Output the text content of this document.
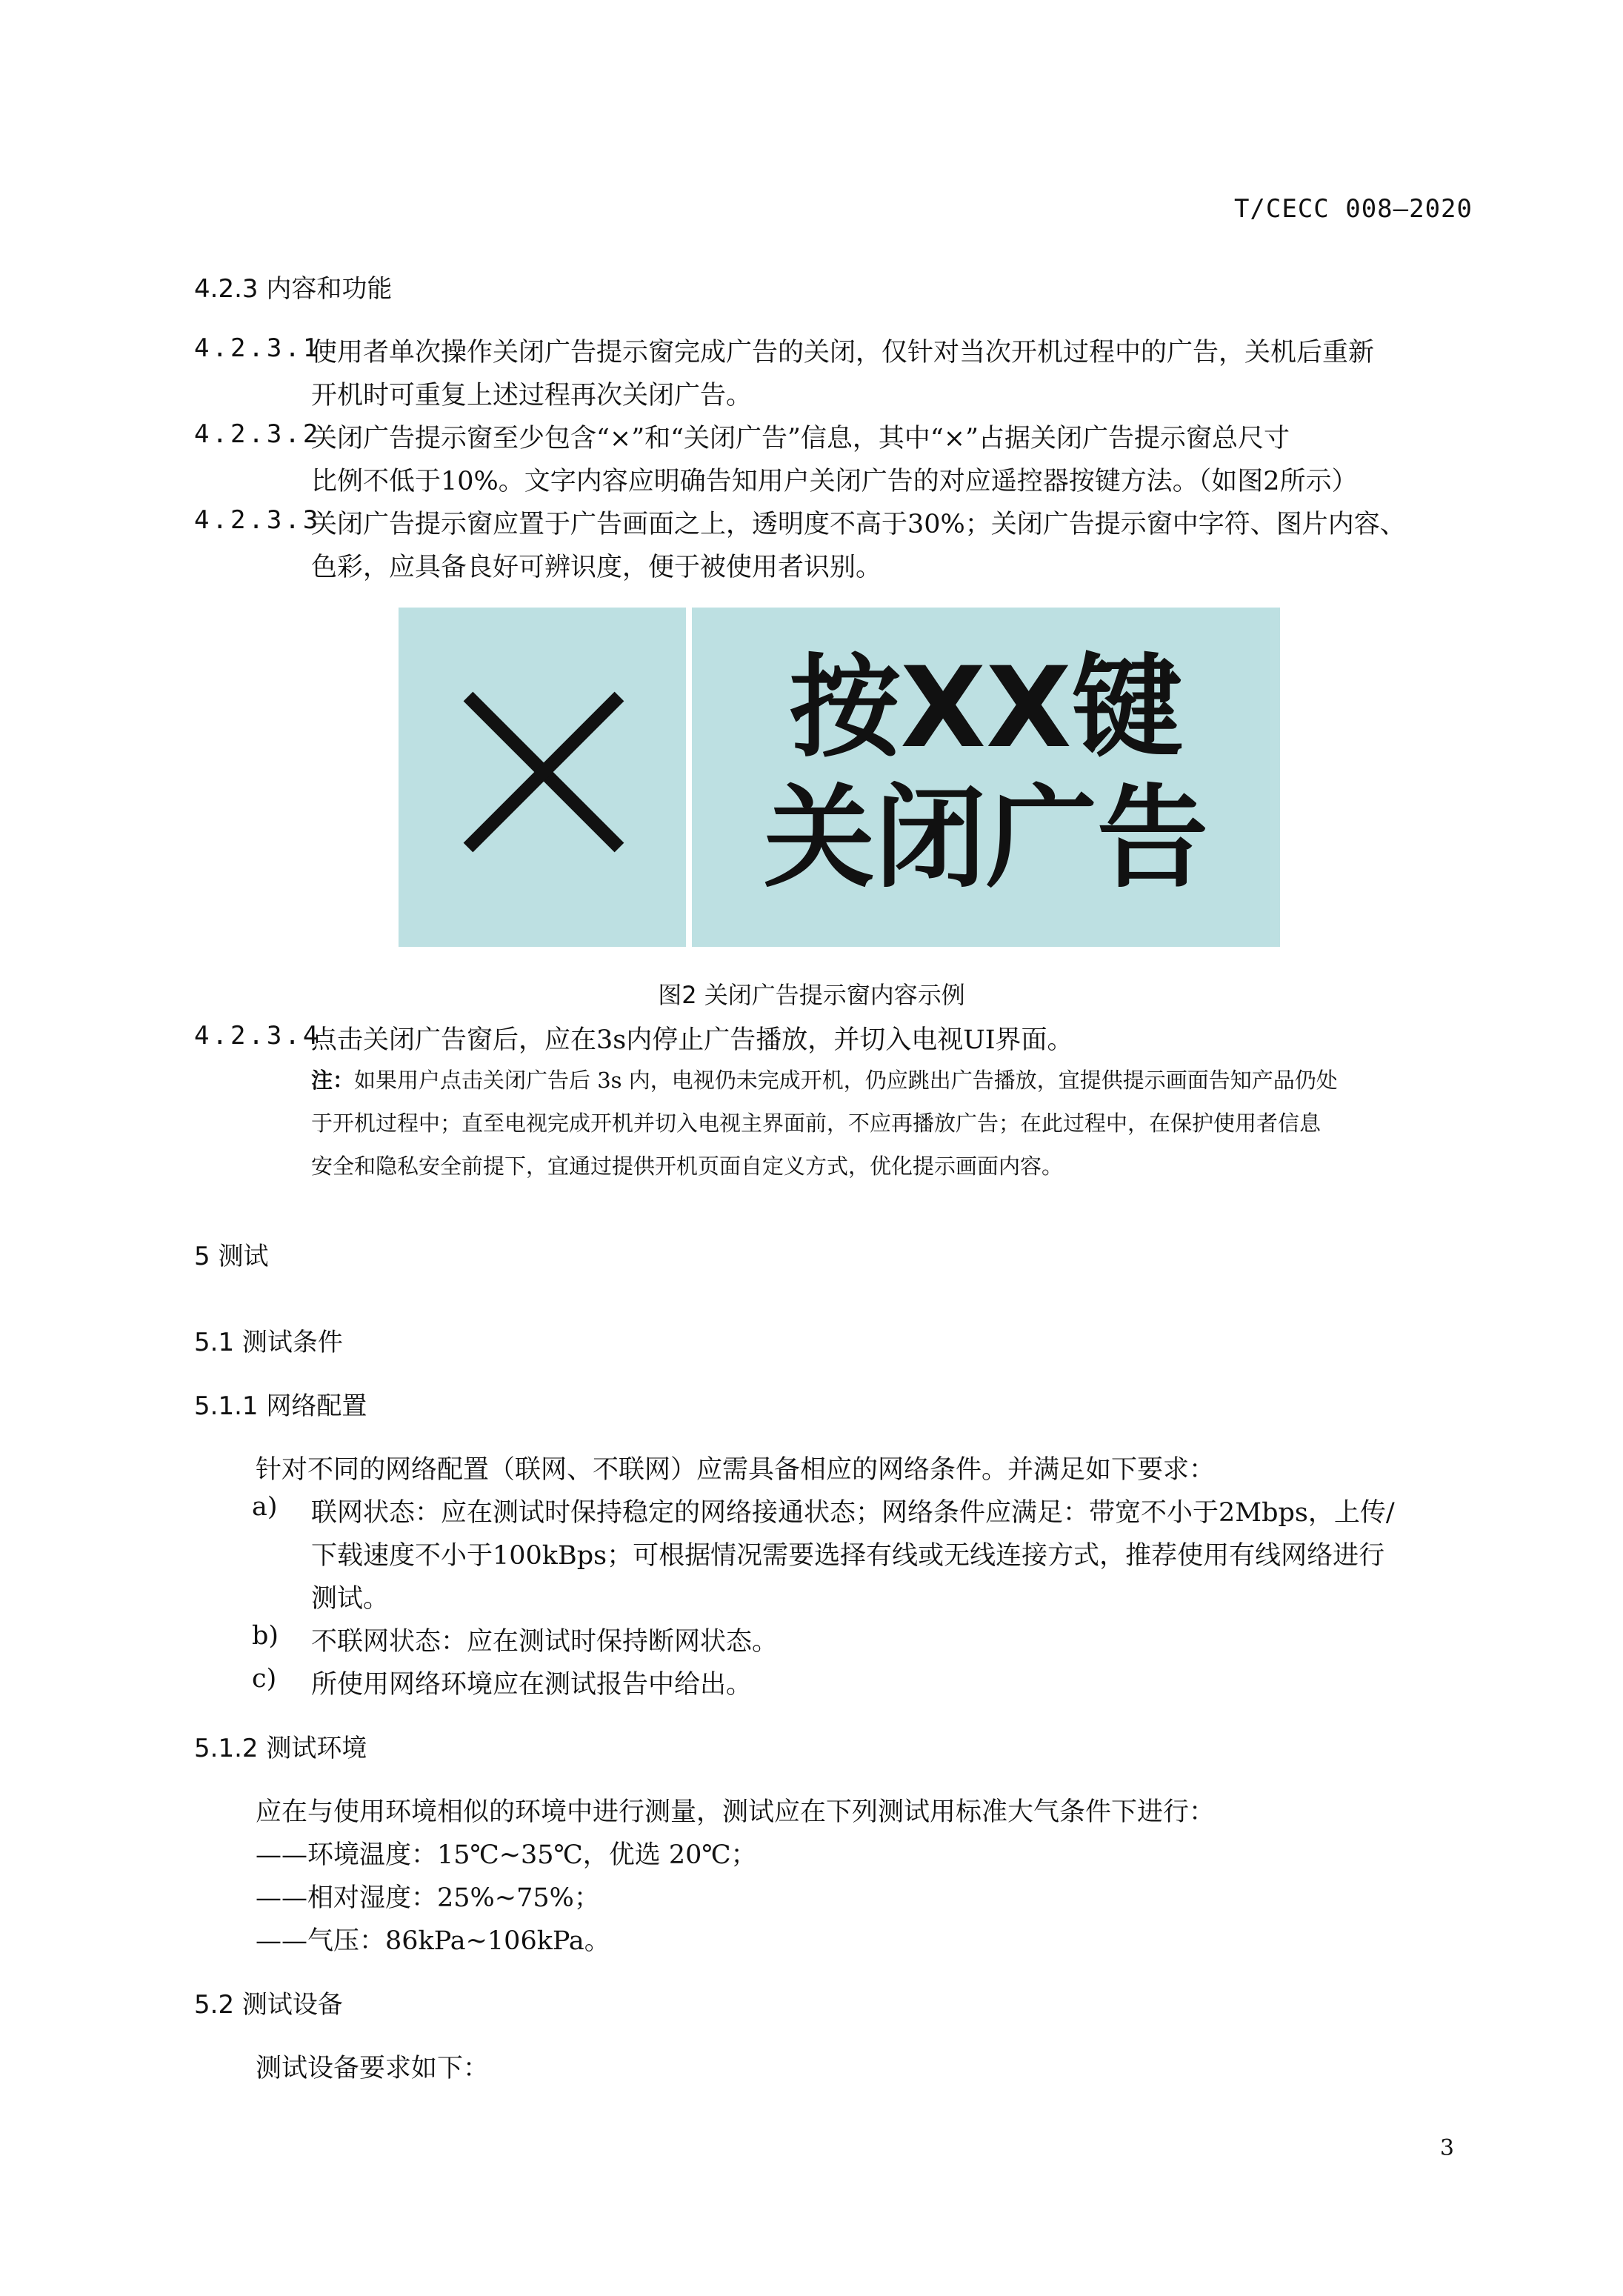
T/CECC 008—2020
4.2.3 内容和功能
4.2.3.1
使用者单次操作关闭广告提示窗完成广告的关闭，仅针对当次开机过程中的广告，关机后重新
开机时可重复上述过程再次关闭广告。
4.2.3.2
关闭广告提示窗至少包含“×”和“关闭广告”信息，其中“×”占据关闭广告提示窗总尺寸
比例不低于10%。文字内容应明确告知用户关闭广告的对应遥控器按键方法。（如图2所示）
4.2.3.3
关闭广告提示窗应置于广告画面之上，透明度不高于30%；关闭广告提示窗中字符、图片内容、
色彩，应具备良好可辨识度，便于被使用者识别。
按XX键
关闭广告
图2 关闭广告提示窗内容示例
4.2.3.4
点击关闭广告窗后，应在3s内停止广告播放，并切入电视UI界面。
注：如果用户点击关闭广告后 3s 内，电视仍未完成开机，仍应跳出广告播放，宜提供提示画面告知产品仍处
于开机过程中；直至电视完成开机并切入电视主界面前，不应再播放广告；在此过程中，在保护使用者信息
安全和隐私安全前提下，宜通过提供开机页面自定义方式，优化提示画面内容。
5 测试
5.1 测试条件
5.1.1 网络配置
针对不同的网络配置（联网、不联网）应需具备相应的网络条件。并满足如下要求：
a) 联网状态：应在测试时保持稳定的网络接通状态；网络条件应满足：带宽不小于2Mbps，上传/
下载速度不小于100kBps；可根据情况需要选择有线或无线连接方式，推荐使用有线网络进行
测试。
b) 不联网状态：应在测试时保持断网状态。
c) 所使用网络环境应在测试报告中给出。
5.1.2 测试环境
应在与使用环境相似的环境中进行测量，测试应在下列测试用标准大气条件下进行：
——环境温度：15℃~35℃，优选 20℃；
——相对湿度：25%~75%；
——气压：86kPa~106kPa。
5.2 测试设备
测试设备要求如下：
3
